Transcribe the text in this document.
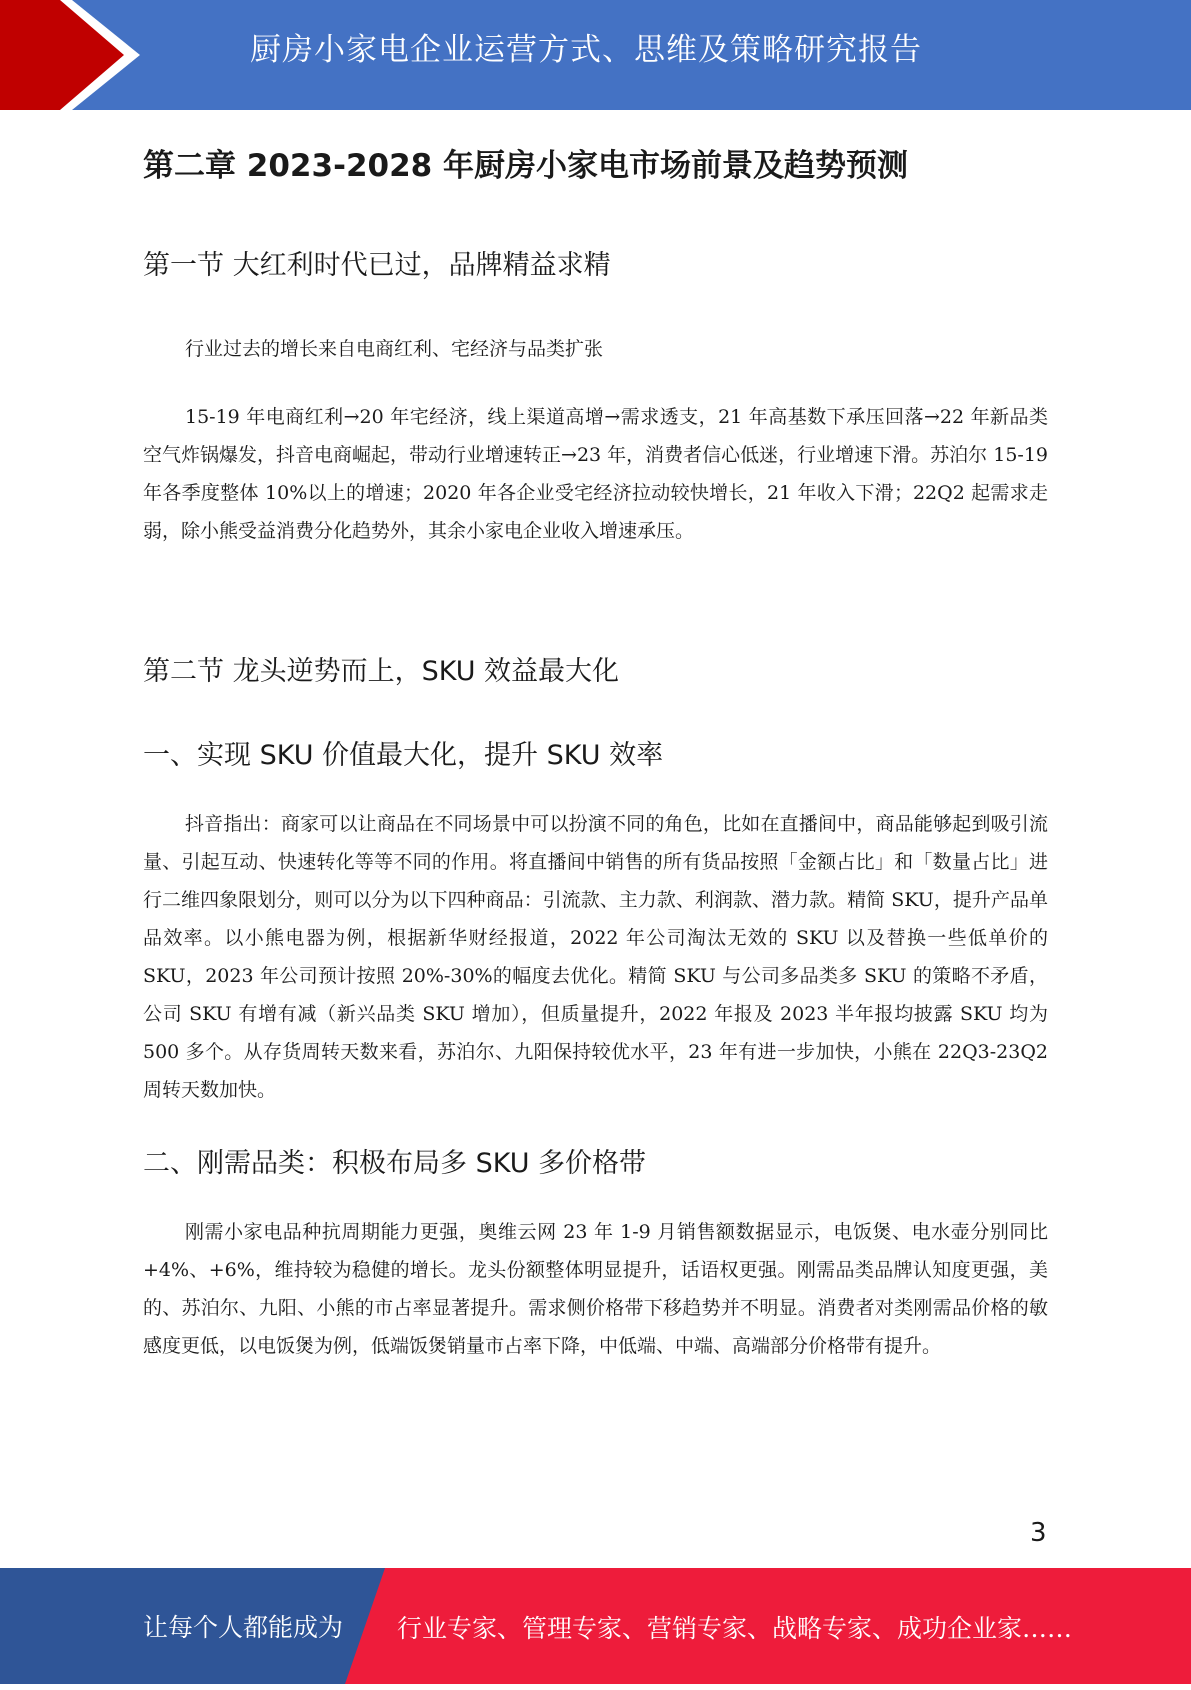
厨房小家电企业运营方式、思维及策略研究报告
第二章 2023-2028 年厨房小家电市场前景及趋势预测
第一节 大红利时代已过，品牌精益求精

行业过去的增长来自电商红利、宅经济与品类扩张

15-19 年电商红利→20 年宅经济，线上渠道高增→需求透支，21 年高基数下承压回落→22 年新品类空气炸锅爆发，抖音电商崛起，带动行业增速转正→23 年，消费者信心低迷，行业增速下滑。苏泊尔 15-19 年各季度整体 10%以上的增速；2020 年各企业受宅经济拉动较快增长，21 年收入下滑；22Q2 起需求走弱，除小熊受益消费分化趋势外，其余小家电企业收入增速承压。

第二节 龙头逆势而上，SKU 效益最大化
一、实现 SKU 价值最大化，提升 SKU 效率

抖音指出：商家可以让商品在不同场景中可以扮演不同的角色，比如在直播间中，商品能够起到吸引流量、引起互动、快速转化等等不同的作用。将直播间中销售的所有货品按照「金额占比」和「数量占比」进行二维四象限划分，则可以分为以下四种商品：引流款、主力款、利润款、潜力款。精简 SKU，提升产品单品效率。以小熊电器为例，根据新华财经报道，2022 年公司淘汰无效的 SKU 以及替换一些低单价的 SKU，2023 年公司预计按照 20%-30%的幅度去优化。精简 SKU 与公司多品类多 SKU 的策略不矛盾，公司 SKU 有增有减（新兴品类 SKU 增加），但质量提升，2022 年报及 2023 半年报均披露 SKU 均为 500 多个。从存货周转天数来看，苏泊尔、九阳保持较优水平，23 年有进一步加快，小熊在 22Q3-23Q2 周转天数加快。

二、刚需品类：积极布局多 SKU 多价格带

刚需小家电品种抗周期能力更强，奥维云网 23 年 1-9 月销售额数据显示，电饭煲、电水壶分别同比+4%、+6%，维持较为稳健的增长。龙头份额整体明显提升，话语权更强。刚需品类品牌认知度更强，美的、苏泊尔、九阳、小熊的市占率显著提升。需求侧价格带下移趋势并不明显。消费者对类刚需品价格的敏感度更低，以电饭煲为例，低端饭煲销量市占率下降，中低端、中端、高端部分价格带有提升。

3
让每个人都能成为 行业专家、管理专家、营销专家、战略专家、成功企业家……
